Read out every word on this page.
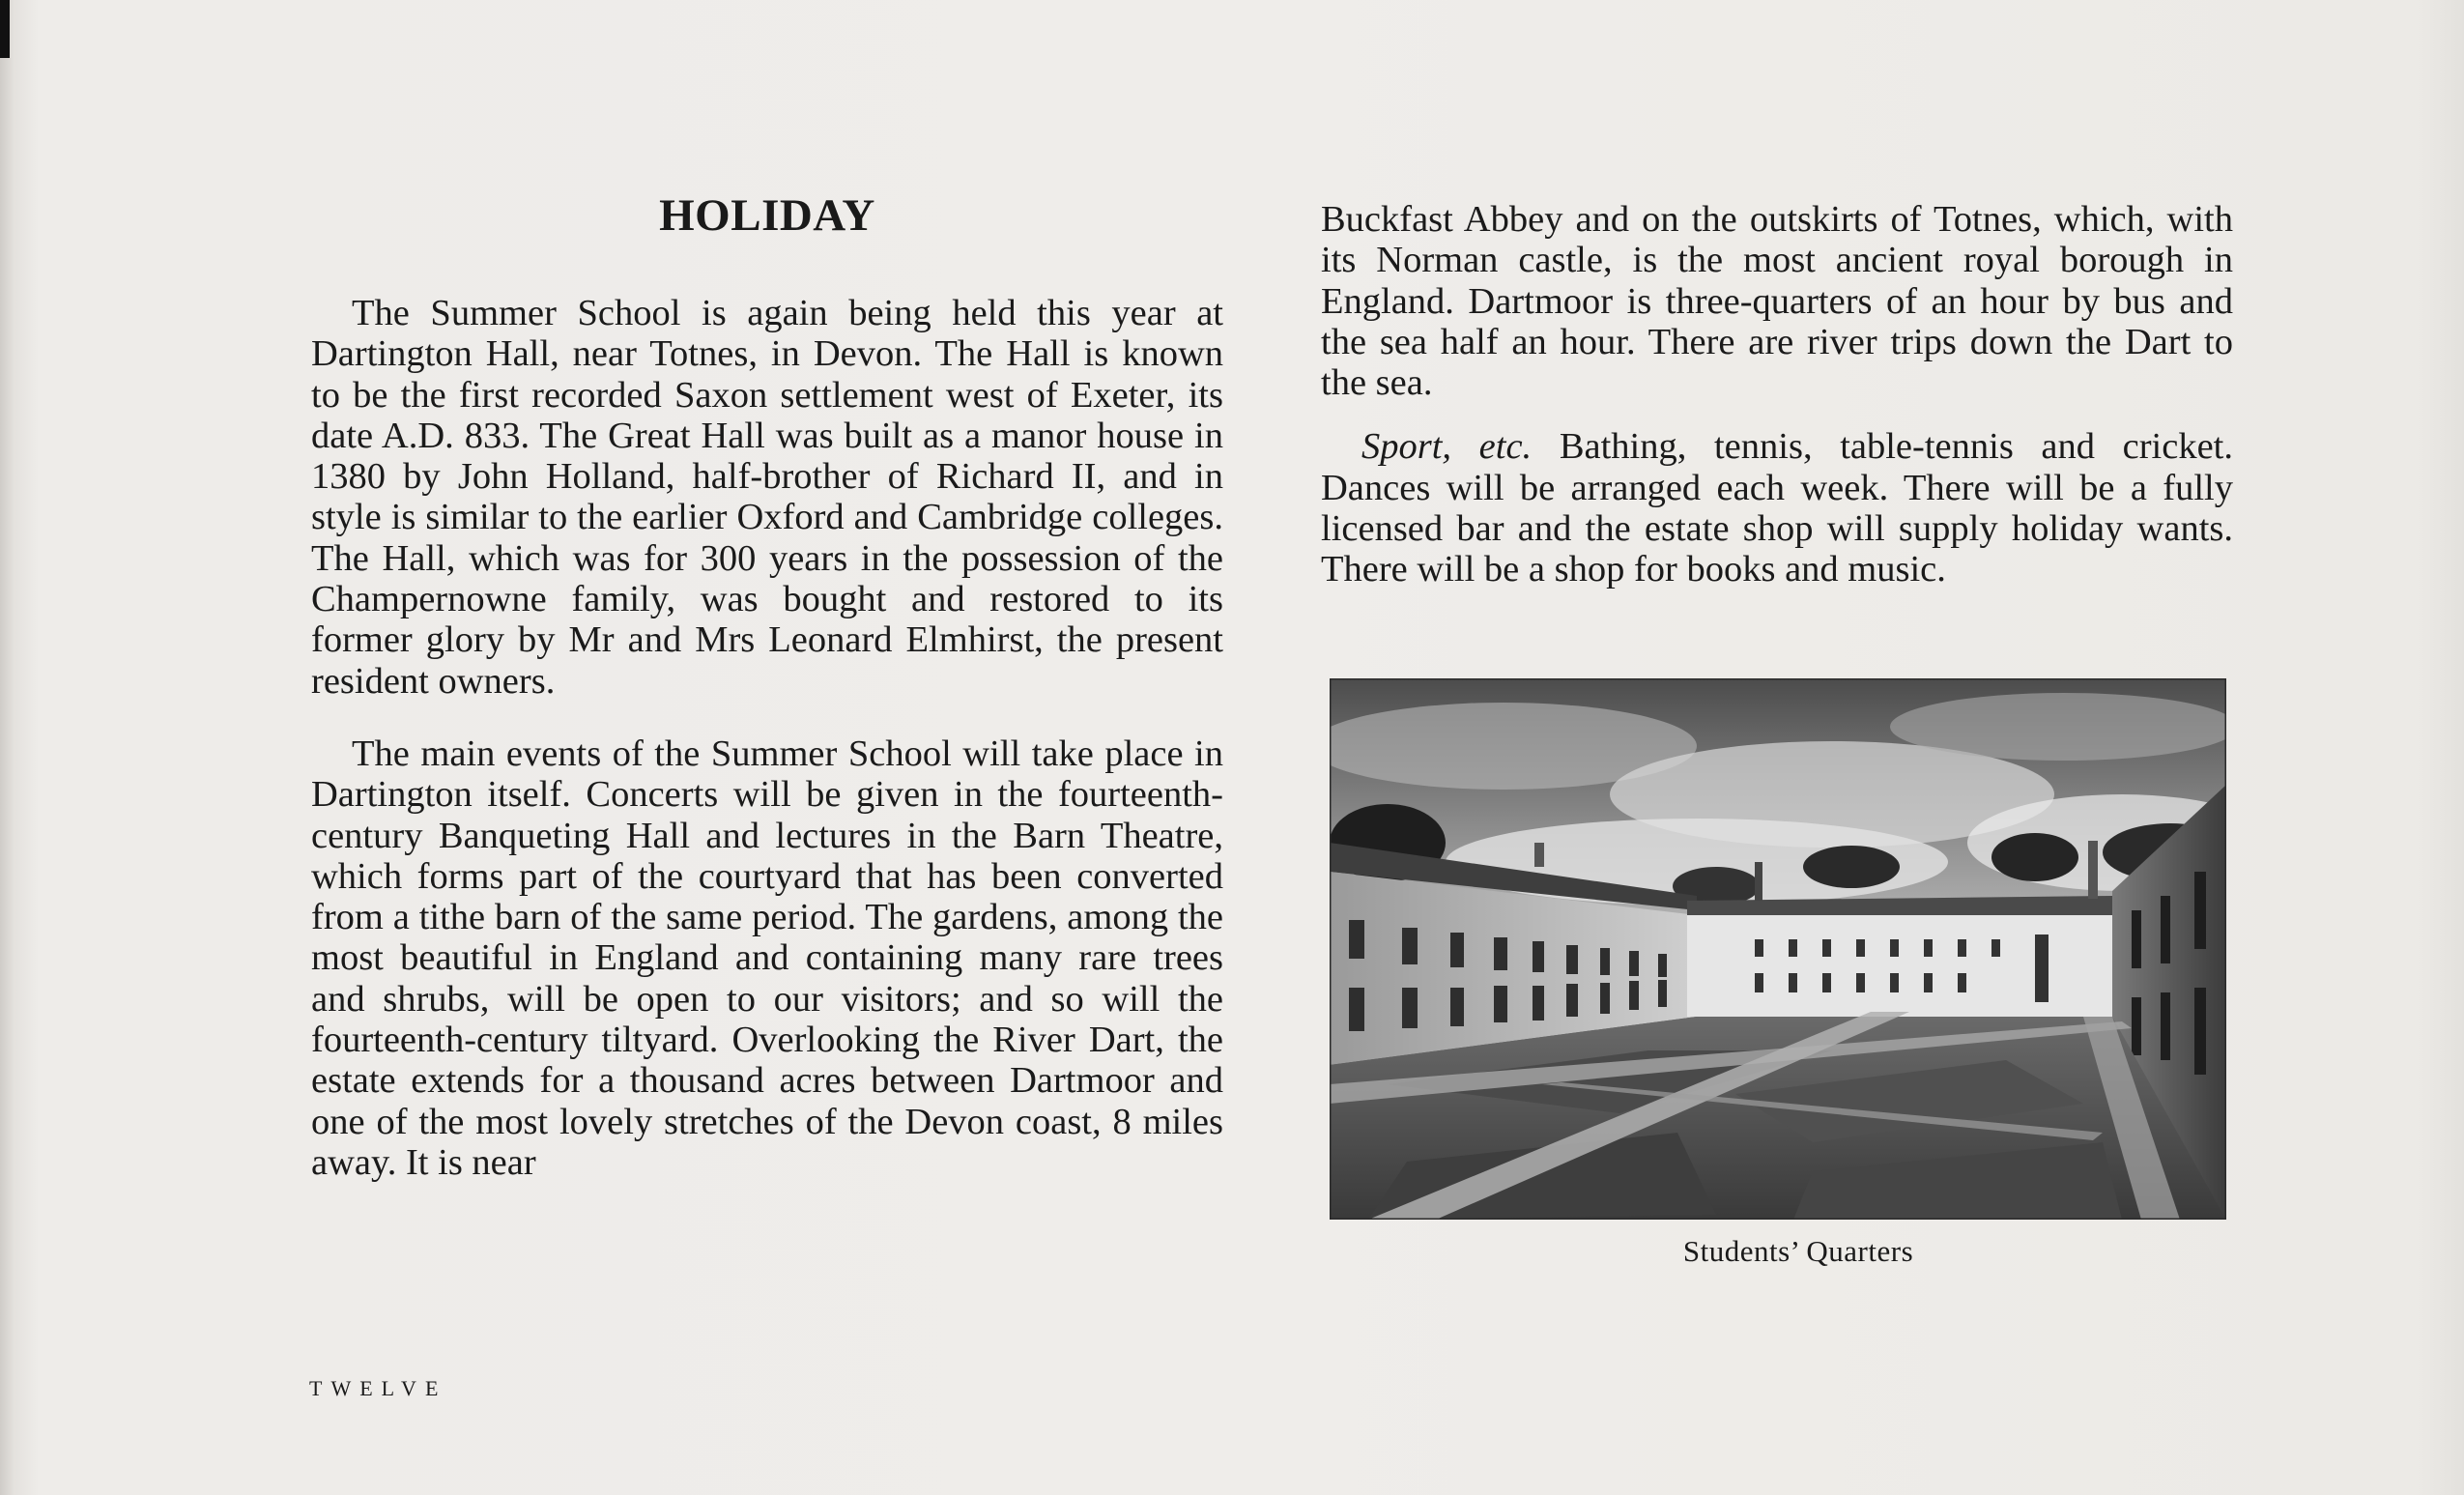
HOLIDAY

The Summer School is again being held this year at Dartington Hall, near Totnes, in Devon. The Hall is known to be the first recorded Saxon settlement west of Exeter, its date A.D. 833. The Great Hall was built as a manor house in 1380 by John Holland, half-brother of Richard II, and in style is similar to the earlier Oxford and Cambridge colleges. The Hall, which was for 300 years in the possession of the Champernowne family, was bought and restored to its former glory by Mr and Mrs Leonard Elmhirst, the present resident owners.

The main events of the Summer School will take place in Dartington itself. Concerts will be given in the fourteenth-century Banqueting Hall and lectures in the Barn Theatre, which forms part of the courtyard that has been converted from a tithe barn of the same period. The gardens, among the most beautiful in England and containing many rare trees and shrubs, will be open to our visitors; and so will the fourteenth-century tiltyard. Overlooking the River Dart, the estate extends for a thousand acres between Dartmoor and one of the most lovely stretches of the Devon coast, 8 miles away. It is near

Buckfast Abbey and on the outskirts of Totnes, which, with its Norman castle, is the most ancient royal borough in England. Dartmoor is three-quarters of an hour by bus and the sea half an hour. There are river trips down the Dart to the sea.

Sport, etc. Bathing, tennis, table-tennis and cricket. Dances will be arranged each week. There will be a fully licensed bar and the estate shop will supply holiday wants. There will be a shop for books and music.

Students’ Quarters
TWELVE
